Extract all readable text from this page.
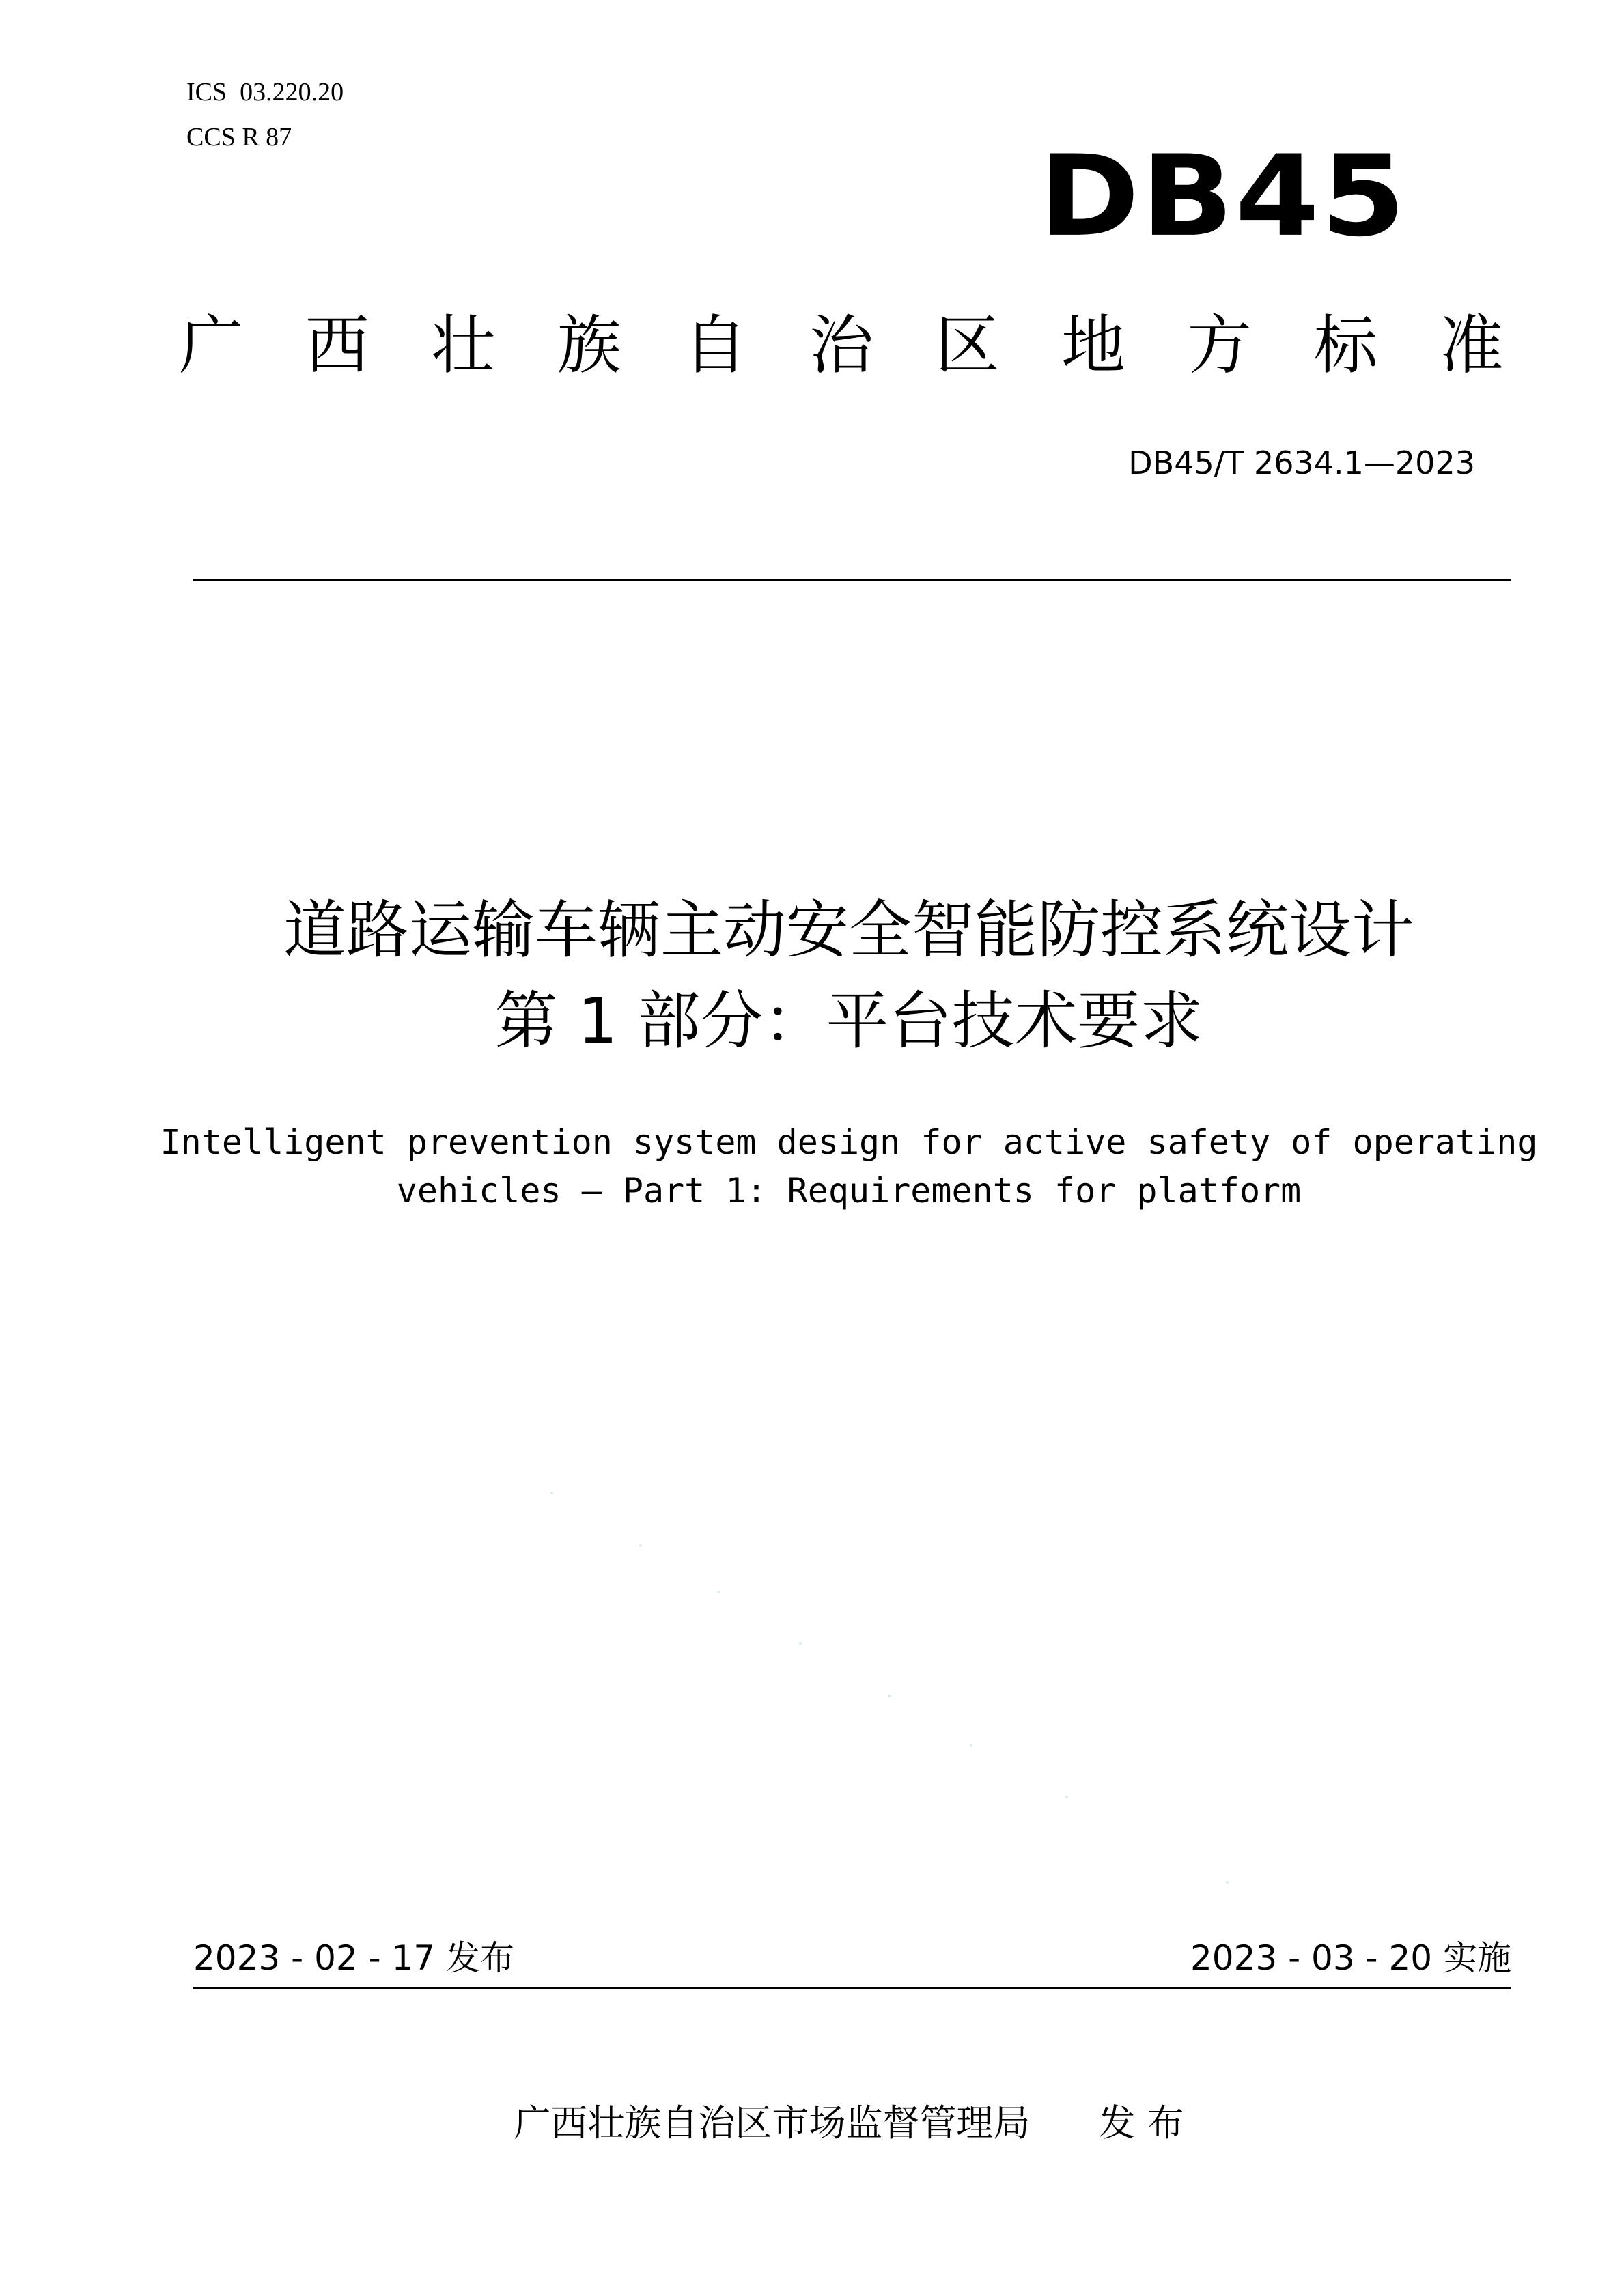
ICS  03.220.20
CCS R 87	DB45
广 西 壮 族 自 治 区 地 方 标 准
DB45/T 2634.1—2023
道路运输车辆主动安全智能防控系统设计
第 1 部分：平台技术要求
Intelligent prevention system design for active safety of operating
vehicles — Part 1: Requirements for platform
2023 - 02 - 17 发布	2023 - 03 - 20 实施
广西壮族自治区市场监督管理局 发 布
